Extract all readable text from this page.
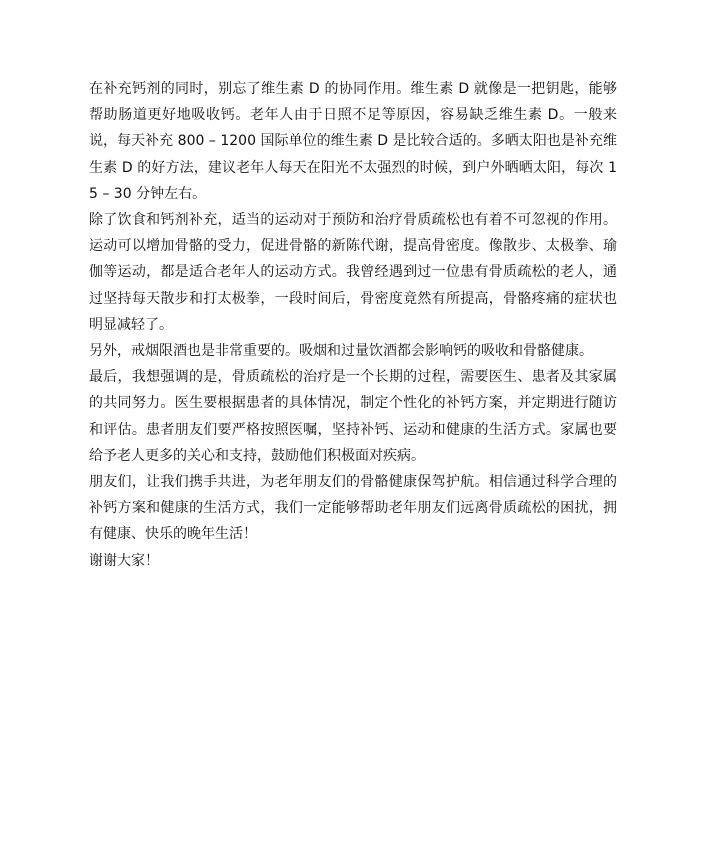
在补充钙剂的同时，别忘了维生素 D 的协同作用。维生素 D 就像是一把钥匙，能够帮助肠道更好地吸收钙。老年人由于日照不足等原因，容易缺乏维生素 D。一般来说，每天补充 800 – 1200 国际单位的维生素 D 是比较合适的。多晒太阳也是补充维生素 D 的好方法，建议老年人每天在阳光不太强烈的时候，到户外晒晒太阳，每次 15 – 30 分钟左右。

除了饮食和钙剂补充，适当的运动对于预防和治疗骨质疏松也有着不可忽视的作用。运动可以增加骨骼的受力，促进骨骼的新陈代谢，提高骨密度。像散步、太极拳、瑜伽等运动，都是适合老年人的运动方式。我曾经遇到过一位患有骨质疏松的老人，通过坚持每天散步和打太极拳，一段时间后，骨密度竟然有所提高，骨骼疼痛的症状也明显减轻了。

另外，戒烟限酒也是非常重要的。吸烟和过量饮酒都会影响钙的吸收和骨骼健康。

最后，我想强调的是，骨质疏松的治疗是一个长期的过程，需要医生、患者及其家属的共同努力。医生要根据患者的具体情况，制定个性化的补钙方案，并定期进行随访和评估。患者朋友们要严格按照医嘱，坚持补钙、运动和健康的生活方式。家属也要给予老人更多的关心和支持，鼓励他们积极面对疾病。

朋友们，让我们携手共进，为老年朋友们的骨骼健康保驾护航。相信通过科学合理的补钙方案和健康的生活方式，我们一定能够帮助老年朋友们远离骨质疏松的困扰，拥有健康、快乐的晚年生活！

谢谢大家！
